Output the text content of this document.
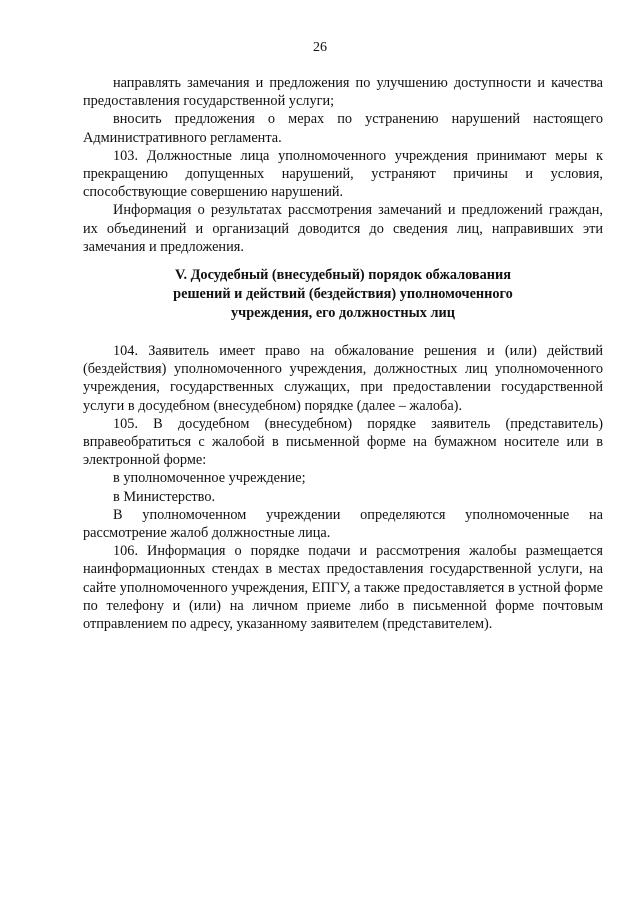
26

направлять замечания и предложения по улучшению доступности и качества предоставления государственной услуги;

вносить предложения о мерах по устранению нарушений настоящего Административного регламента.

103. Должностные лица уполномоченного учреждения принимают меры к прекращению допущенных нарушений, устраняют причины и условия, способствующие совершению нарушений.

Информация о результатах рассмотрения замечаний и предложений граждан, их объединений и организаций доводится до сведения лиц, направивших эти замечания и предложения.

V. Досудебный (внесудебный) порядок обжалования
решений и действий (бездействия) уполномоченного
учреждения, его должностных лиц

104. Заявитель имеет право на обжалование решения и (или) действий (бездействия) уполномоченного учреждения, должностных лиц уполномоченного учреждения, государственных служащих, при предоставлении государственной услуги в досудебном (внесудебном) порядке (далее – жалоба).

105. В досудебном (внесудебном) порядке заявитель (представитель) вправеобратиться с жалобой в письменной форме на бумажном носителе или в электронной форме:

в уполномоченное учреждение;

в Министерство.

В уполномоченном учреждении определяются уполномоченные на рассмотрение жалоб должностные лица.

106. Информация о порядке подачи и рассмотрения жалобы размещается наинформационных стендах в местах предоставления государственной услуги, на сайте уполномоченного учреждения, ЕПГУ, а также предоставляется в устной форме по телефону и (или) на личном приеме либо в письменной форме почтовым отправлением по адресу, указанному заявителем (представителем).
